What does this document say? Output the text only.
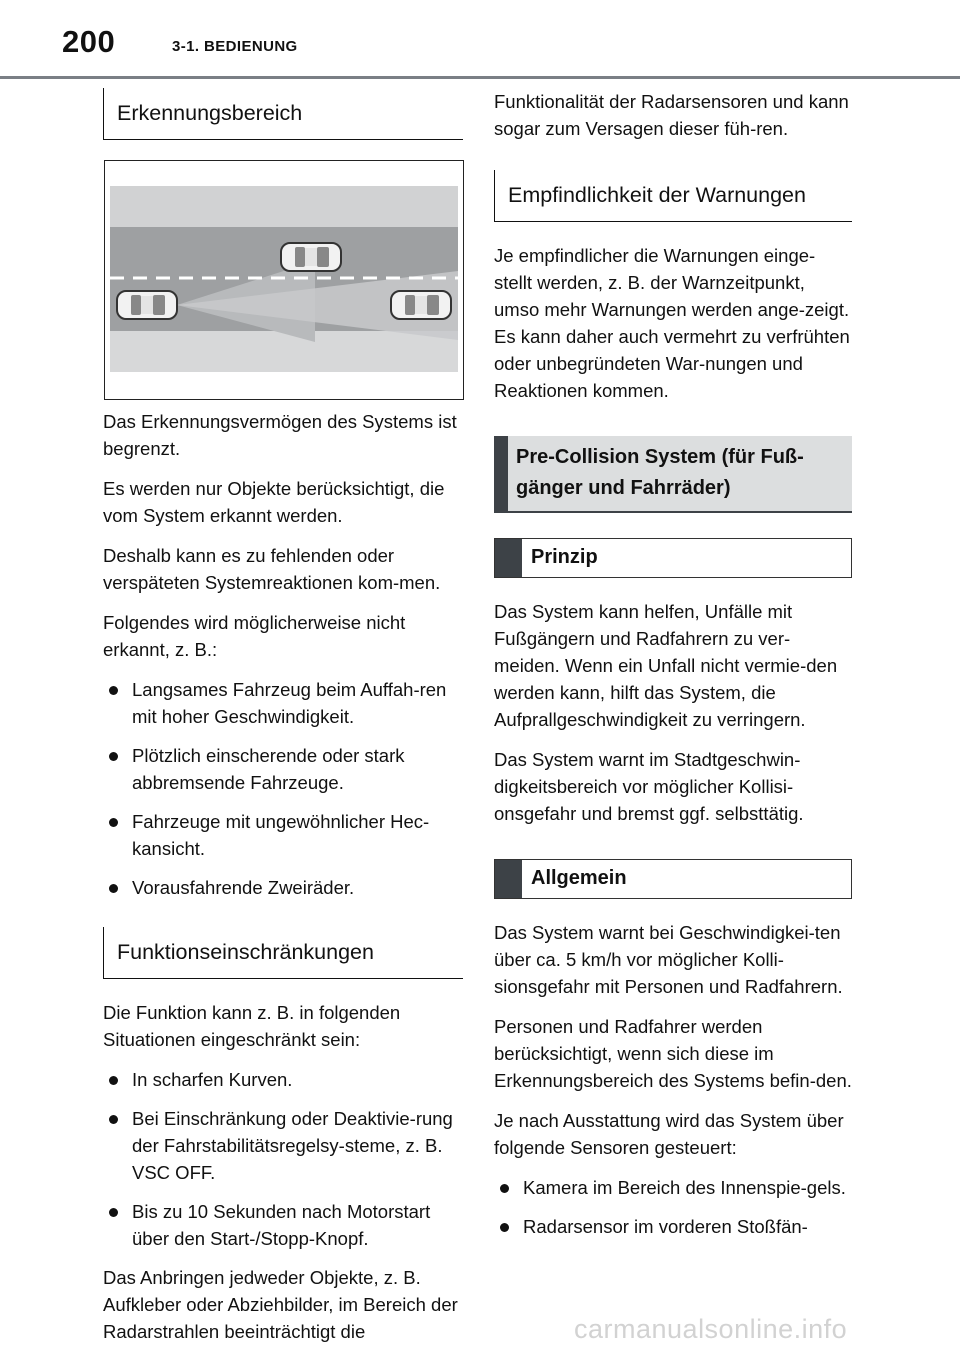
200	3-1. BEDIENUNG
Erkennungsbereich

Das Erkennungsvermögen des Systems ist begrenzt.

Es werden nur Objekte berücksichtigt, die vom System erkannt werden.

Deshalb kann es zu fehlenden oder verspäteten Systemreaktionen kom-men.

Folgendes wird möglicherweise nicht erkannt, z. B.:

Langsames Fahrzeug beim Auffah-ren mit hoher Geschwindigkeit.
Plötzlich einscherende oder stark abbremsende Fahrzeuge.
Fahrzeuge mit ungewöhnlicher Hec-kansicht.
Vorausfahrende Zweiräder.
Funktionseinschränkungen

Die Funktion kann z. B. in folgenden Situationen eingeschränkt sein:

In scharfen Kurven.
Bei Einschränkung oder Deaktivie-rung der Fahrstabilitätsregelsy-steme, z. B. VSC OFF.
Bis zu 10 Sekunden nach Motorstart über den Start-/Stopp-Knopf.

Das Anbringen jedweder Objekte, z. B. Aufkleber oder Abziehbilder, im Bereich der Radarstrahlen beeinträchtigt die

Funktionalität der Radarsensoren und kann sogar zum Versagen dieser füh-ren.

Empfindlichkeit der Warnungen

Je empfindlicher die Warnungen einge-stellt werden, z. B. der Warnzeitpunkt, umso mehr Warnungen werden ange-zeigt. Es kann daher auch vermehrt zu verfrühten oder unbegründeten War-nungen und Reaktionen kommen.

Pre-Collision System (für Fuß-gänger und Fahrräder)
Prinzip

Das System kann helfen, Unfälle mit Fußgängern und Radfahrern zu ver-meiden. Wenn ein Unfall nicht vermie-den werden kann, hilft das System, die Aufprallgeschwindigkeit zu verringern.

Das System warnt im Stadtgeschwin-digkeitsbereich vor möglicher Kollisi-onsgefahr und bremst ggf. selbsttätig.

Allgemein

Das System warnt bei Geschwindigkei-ten über ca. 5 km/h vor möglicher Kolli-sionsgefahr mit Personen und Radfahrern.

Personen und Radfahrer werden berücksichtigt, wenn sich diese im Erkennungsbereich des Systems befin-den.

Je nach Ausstattung wird das System über folgende Sensoren gesteuert:

Kamera im Bereich des Innenspie-gels.
Radarsensor im vorderen Stoßfän-
carmanualsonline.info
